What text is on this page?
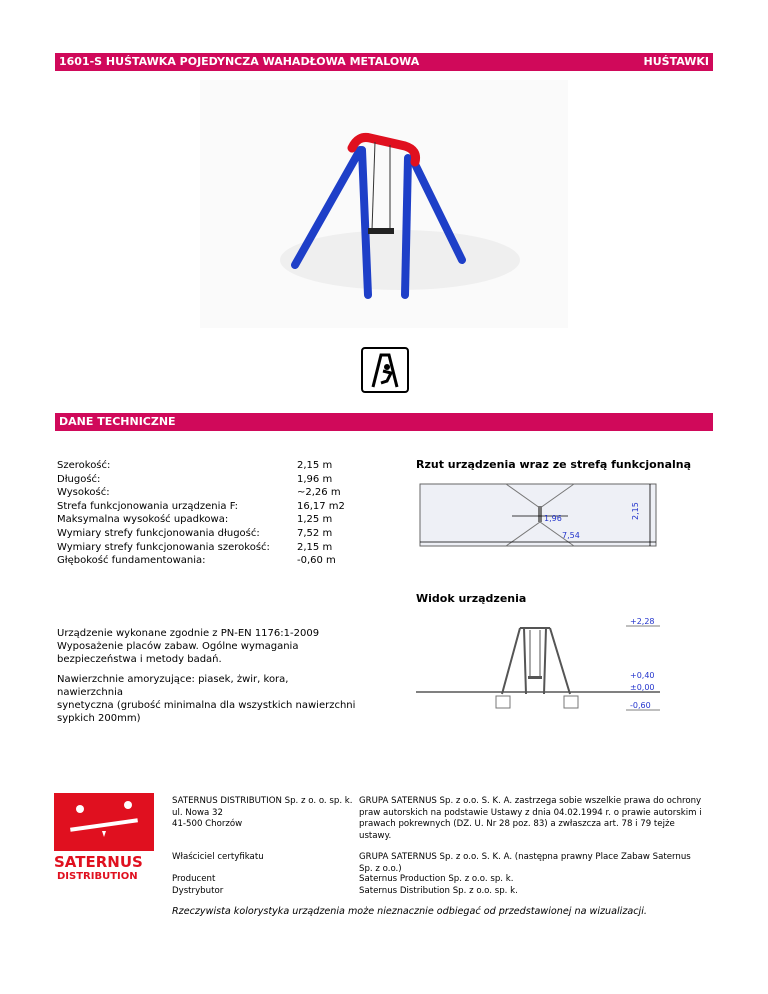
1601-S HUŚTAWKA POJEDYNCZA WAHADŁOWA METALOWA	HUŚTAWKI
DANE TECHNICZNE
Szerokość:	2,15 m
Długość:	1,96 m
Wysokość:	~2,26 m
Strefa funkcjonowania urządzenia F:	16,17 m2
Maksymalna wysokość upadkowa:	1,25 m
Wymiary strefy funkcjonowania długość:	7,52 m
Wymiary strefy funkcjonowania szerokość:	2,15 m
Głębokość fundamentowania:	-0,60 m
Rzut urządzenia wraz ze strefą funkcjonalną
1,96
7,54
2,15
Widok urządzenia
+2,28
+0,40
±0,00
-0,60
Urządzenie wykonane zgodnie z PN-EN 1176:1-2009
Wyposażenie placów zabaw. Ogólne wymagania
bezpieczeństwa i metody badań.
Nawierzchnie amoryzujące: piasek, żwir, kora, nawierzchnia
synetyczna (grubość minimalna dla wszystkich nawierzchni
sypkich 200mm)
SATERNUS
DISTRIBUTION
SATERNUS DISTRIBUTION Sp. z o. o. sp. k.
ul. Nowa 32
41-500 Chorzów
GRUPA SATERNUS Sp. z o.o. S. K. A. zastrzega sobie wszelkie prawa do ochrony
praw autorskich na podstawie Ustawy z dnia 04.02.1994 r. o prawie autorskim i
prawach pokrewnych (DZ. U. Nr 28 poz. 83) a zwłaszcza art. 78 i 79 tejże
ustawy.
Właściciel certyfikatu	GRUPA SATERNUS Sp. z o.o. S. K. A. (następna prawny Place Zabaw Saternus
Sp. z o.o.)
Producent	Saternus Production Sp. z o.o. sp. k.
Dystrybutor	Saternus Distribution Sp. z o.o. sp. k.
Rzeczywista kolorystyka urządzenia może nieznacznie odbiegać od przedstawionej na wizualizacji.
